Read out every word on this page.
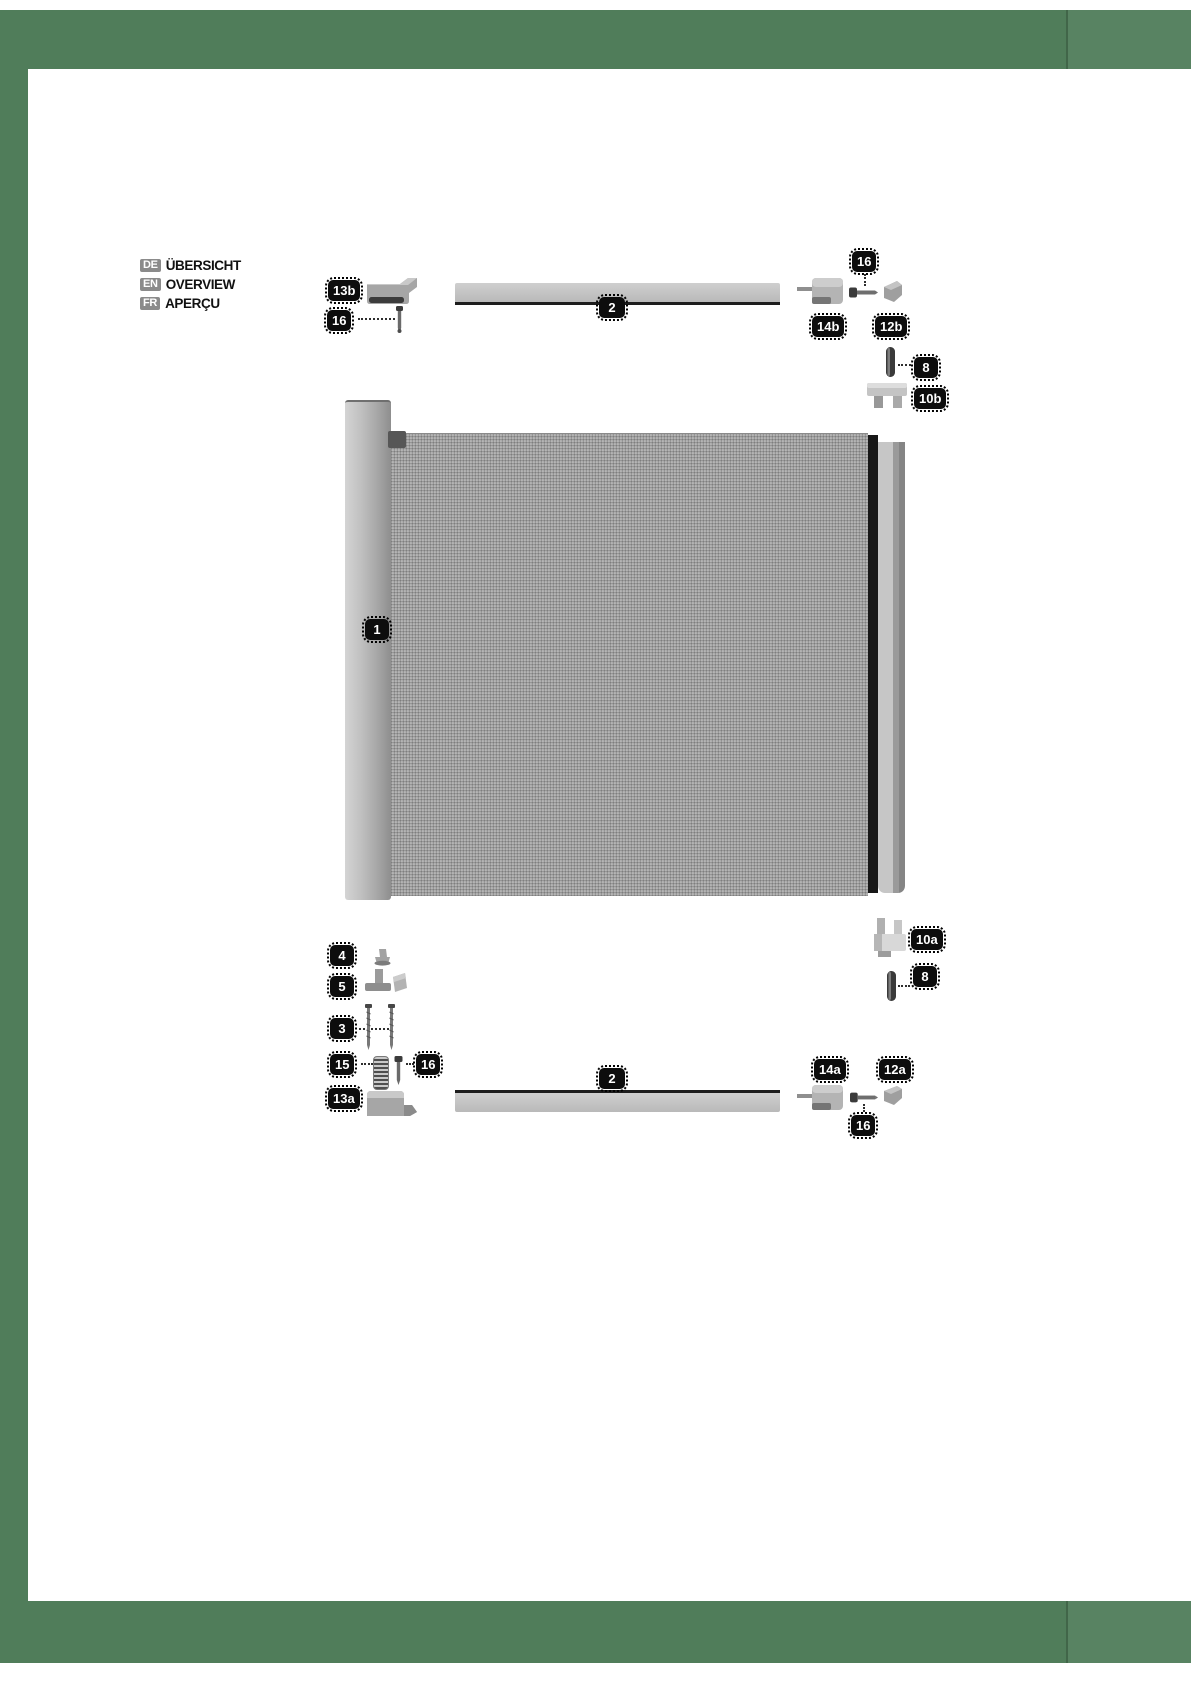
DE ÜBERSICHT
EN OVERVIEW
FR APERÇU
13b
16
2
16
14b	12b
8
10b
1
4
5
3
15	16
13a
2
10a
8
14a	12a
16
